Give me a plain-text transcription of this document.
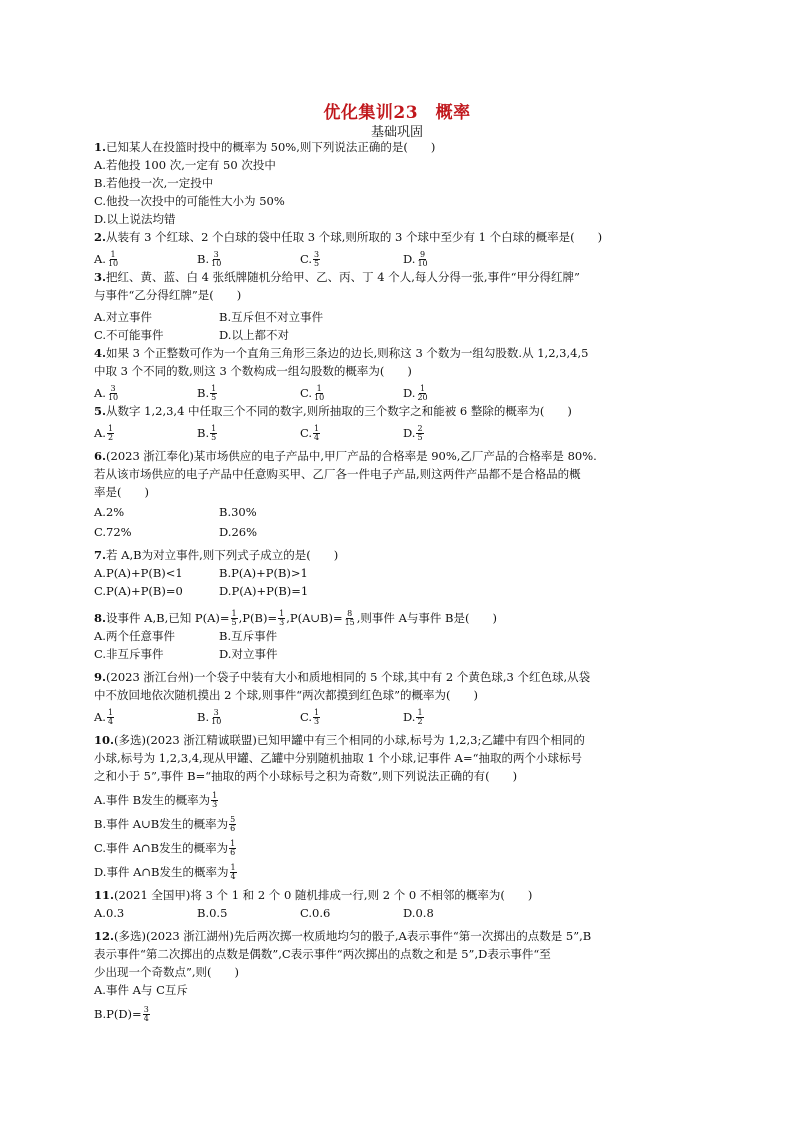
优化集训23　概率
基础巩固
1.已知某人在投篮时投中的概率为 50%,则下列说法正确的是(　　)
A.若他投 100 次,一定有 50 次投中
B.若他投一次,一定投中
C.他投一次投中的可能性大小为 50%
D.以上说法均错
2.从装有 3 个红球、2 个白球的袋中任取 3 个球,则所取的 3 个球中至少有 1 个白球的概率是(　　)
A. $\frac{1}{10}$	B. $\frac{3}{10}$	C. $\frac{3}{5}$	D. $\frac{9}{10}$
3.把红、黄、蓝、白 4 张纸牌随机分给甲、乙、丙、丁 4 个人,每人分得一张,事件“甲分得红牌”
与事件“乙分得红牌”是(　　)
A.对立事件	B.互斥但不对立事件
C.不可能事件	D.以上都不对
4.如果 3 个正整数可作为一个直角三角形三条边的边长,则称这 3 个数为一组勾股数.从 1,2,3,4,5
中取 3 个不同的数,则这 3 个数构成一组勾股数的概率为(　　)
A. $\frac{3}{10}$	B. $\frac{1}{5}$	C. $\frac{1}{10}$	D. $\frac{1}{20}$
5.从数字 1,2,3,4 中任取三个不同的数字,则所抽取的三个数字之和能被 6 整除的概率为(　　)
A. $\frac{1}{2}$	B. $\frac{1}{5}$	C. $\frac{1}{4}$	D. $\frac{2}{5}$
6.(2023 浙江奉化)某市场供应的电子产品中,甲厂产品的合格率是 90%,乙厂产品的合格率是 80%.
若从该市场供应的电子产品中任意购买甲、乙厂各一件电子产品,则这两件产品都不是合格品的概
率是(　　)
A.2%	B.30%
C.72%	D.26%
7.若 A,B为对立事件,则下列式子成立的是(　　)
A.P(A)+P(B)<1	B.P(A)+P(B)>1
C.P(A)+P(B)=0	D.P(A)+P(B)=1
8. 设事件 A,B,已知 $P(A)= \frac{1}{5} ,P(B)= \frac{1}{3}$ ,P(A∪B)= $\frac{8}{15}$ ,则事件 A与事件 B是(　　)
A.两个任意事件	B.互斥事件
C.非互斥事件	D.对立事件
9.(2023 浙江台州)一个袋子中装有大小和质地相同的 5 个球,其中有 2 个黄色球,3 个红色球,从袋
中不放回地依次随机摸出 2 个球,则事件“两次都摸到红色球”的概率为(　　)
A. $\frac{1}{4}$	B. $\frac{3}{10}$	C. $\frac{1}{3}$	D. $\frac{1}{2}$
10.(多选)(2023 浙江精诚联盟)已知甲罐中有三个相同的小球,标号为 1,2,3;乙罐中有四个相同的
小球,标号为 1,2,3,4,现从甲罐、乙罐中分别随机抽取 1 个小球,记事件 A=“抽取的两个小球标号
之和小于 5”,事件 B=“抽取的两个小球标号之积为奇数”,则下列说法正确的有(　　)
A.事件 B发生的概率为 $\frac{1}{3}$
B.事件 A∪B发生的概率为 $\frac{5}{6}$
C.事件 A∩B发生的概率为 $\frac{1}{6}$
D.事件 A∩B发生的概率为 $\frac{1}{4}$
11.(2021 全国甲)将 3 个 1 和 2 个 0 随机排成一行,则 2 个 0 不相邻的概率为(　　)
A.0.3	B.0.5	C.0.6	D.0.8
12.(多选)(2023 浙江湖州)先后两次掷一枚质地均匀的骰子,A表示事件“第一次掷出的点数是 5”,B
表示事件“第二次掷出的点数是偶数”,C表示事件“两次掷出的点数之和是 5”,D表示事件“至
少出现一个奇数点”,则(　　)
A.事件 A与 C互斥
$B.P(D)= \frac{3}{4}$
